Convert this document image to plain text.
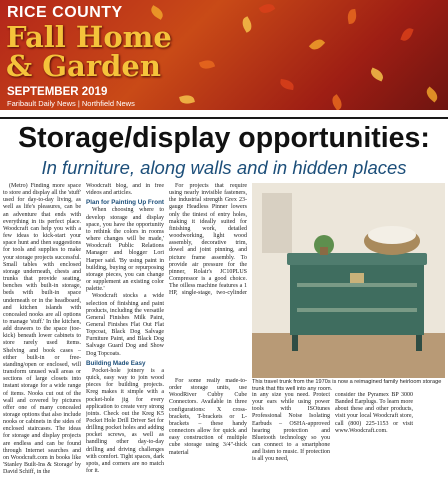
RICE COUNTY
Fall Home
& Garden
SEPTEMBER 2019
Faribault Daily News | Northfield News
Storage/display opportunities:
In furniture, along walls and in hidden places

(Metro) Finding more space to store and display all the 'stuff' used for day-to-day living, as well as life's pleasures, can be an adventure that ends with everything in its perfect place. Woodcraft can help you with a few ideas to kick-start your space hunt and then suggestions for tools and supplies to make your storage projects successful. Small tables with enclosed storage underneath, chests and trunks that provide seating, benches with built-in storage, beds with built-in space underneath or in the headboard, and kitchen islands with concealed nooks are all options to manage 'stuff.' In the kitchen, add drawers to the space (toe-kick) beneath lower cabinets to store rarely used items. Shelving and book cases – either built-in or free-standing/open or enclosed, will transform unused wall areas or sections of large closets into instant storage for a wide range of items. Nooks cut out of the wall and covered by pictures offer one of many concealed storage options that also include nooks or cabinets in the sides of enclosed staircases. The ideas for storage and display projects are endless and can be found through Internet searches and on Woodcraft.com in books like 'Stanley Built-Ins & Storage' by David Schiff, in the

Woodcraft blog, and in free videos and articles.

Plan for Painting Up Front

When choosing where to develop storage and display space, you have the opportunity to rethink the colors in rooms where changes will be made,' Woodcraft Public Relations Manager and blogger Lori Harper said. 'By using paint in building, buying or repurposing storage pieces, you can change or supplement an existing color palette.'

Woodcraft stocks a wide selection of finishing and paint products, including the versatile General Finishes Milk Paint, General Finishes Flat Out Flat Topcoat, Black Dog Salvage Furniture Paint, and Black Dog Salvage Guard Dog and Show Dog Topcoats.

Building Made Easy

Pocket-hole joinery is a quick, easy way to join wood pieces for building projects. Kreg makes it simple with a pocket-hole jig for every application to create very strong joints. Check out the Kreg K5 Pocket Hole Drill Driver Set for drilling pocket holes and adding pocket screws, as well as handling other day-to-day drilling and driving challenges with comfort. Tight spaces, dark spots, and corners are no match for it.

For projects that require using nearly invisible fasteners, the industrial strength Grex 23-gauge Headless Pinner lowers only the tiniest of entry holes, making it ideally suited for finishing work, detailed woodworking, light wood assembly, decorative trim, dowel and joint pinning, and picture frame assembly. To provide air pressure for the pinner, Rolair's JC10PLUS Compressor is a good choice. The oilless machine features a 1 HP, single-stage, two-cylinder

This travel trunk from the 1970s is now a reimagined family heirloom storage trunk that fits well into any room.

For some really made-to-order storage units, use WoodRiver Cubby Cube Connectors. Available in three configurations: X cross-brackets, T-brackets or L-brackets – these handy connectors allow for quick and easy construction of multiple cube storage using 3/4"-thick material

in any size you need. Protect your ears while using power tools with ISOtunes Professional Noise Isolating Earbuds – OSHA-approved hearing protection and Bluetooth technology so you can connect to a smartphone and listen to music. If protection is all you need,

consider the Pyramex BP 3000 Banded Earplugs. To learn more about these and other products, visit your local Woodcraft store, call (800) 225-1153 or visit www.Woodcraft.com.
